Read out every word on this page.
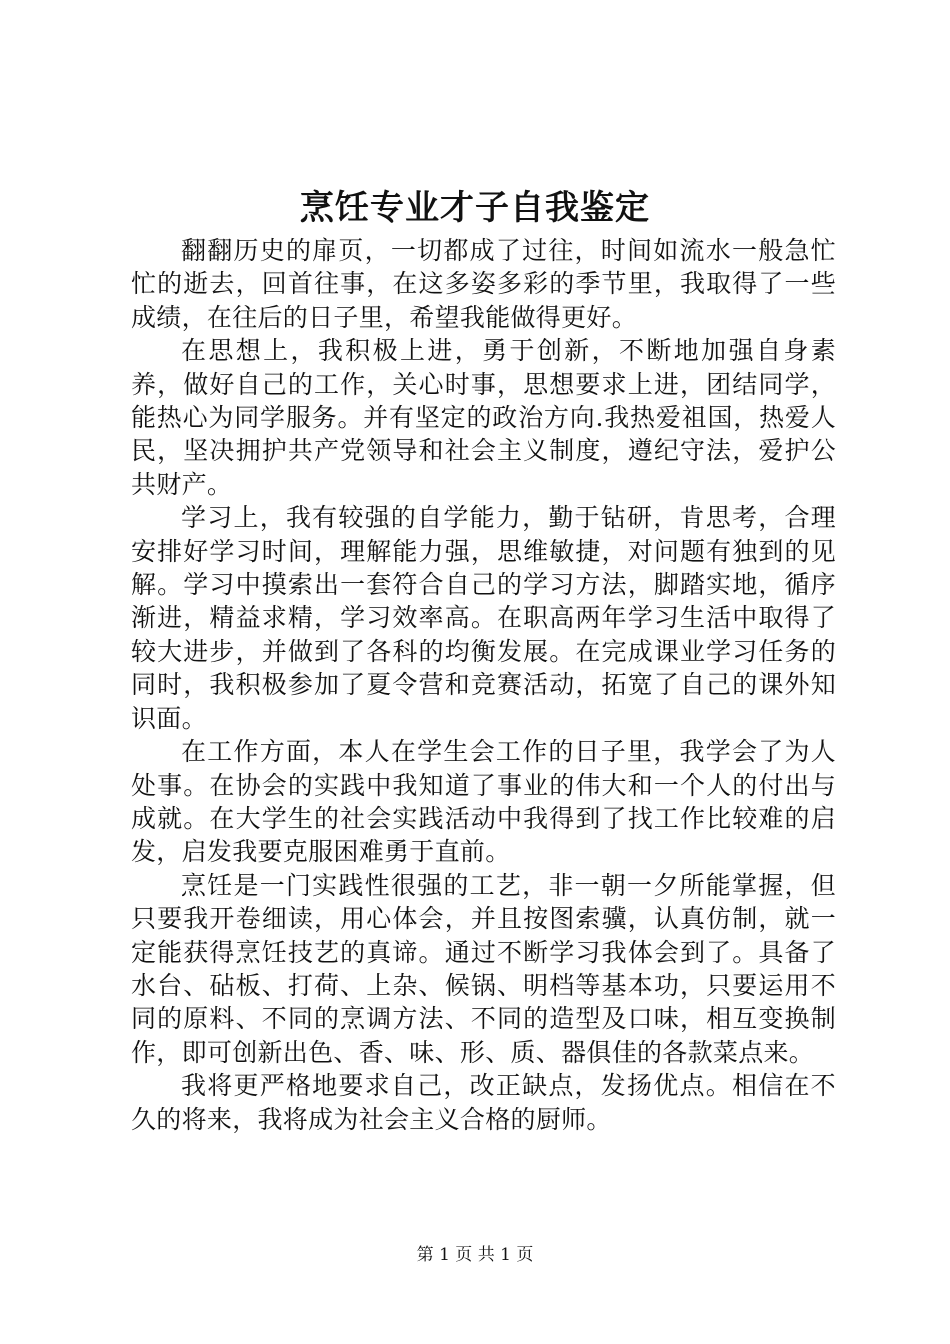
烹饪专业才子自我鉴定

翻翻历史的扉页，一切都成了过往，时间如流水一般急忙忙的逝去，回首往事，在这多姿多彩的季节里，我取得了一些成绩，在往后的日子里，希望我能做得更好。

在思想上，我积极上进，勇于创新，不断地加强自身素养，做好自己的工作，关心时事，思想要求上进，团结同学，能热心为同学服务。并有坚定的政治方向.我热爱祖国，热爱人民，坚决拥护共产党领导和社会主义制度，遵纪守法，爱护公共财产。

学习上，我有较强的自学能力，勤于钻研，肯思考，合理安排好学习时间，理解能力强，思维敏捷，对问题有独到的见解。学习中摸索出一套符合自己的学习方法，脚踏实地，循序渐进，精益求精，学习效率高。在职高两年学习生活中取得了较大进步，并做到了各科的均衡发展。在完成课业学习任务的同时，我积极参加了夏令营和竞赛活动，拓宽了自己的课外知识面。

在工作方面，本人在学生会工作的日子里，我学会了为人处事。在协会的实践中我知道了事业的伟大和一个人的付出与成就。在大学生的社会实践活动中我得到了找工作比较难的启发，启发我要克服困难勇于直前。

烹饪是一门实践性很强的工艺，非一朝一夕所能掌握，但只要我开卷细读，用心体会，并且按图索骥，认真仿制，就一定能获得烹饪技艺的真谛。通过不断学习我体会到了。具备了水台、砧板、打荷、上杂、候锅、明档等基本功，只要运用不同的原料、不同的烹调方法、不同的造型及口味，相互变换制作，即可创新出色、香、味、形、质、器俱佳的各款菜点来。

我将更严格地要求自己，改正缺点，发扬优点。相信在不久的将来，我将成为社会主义合格的厨师。

第 1 页 共 1 页
